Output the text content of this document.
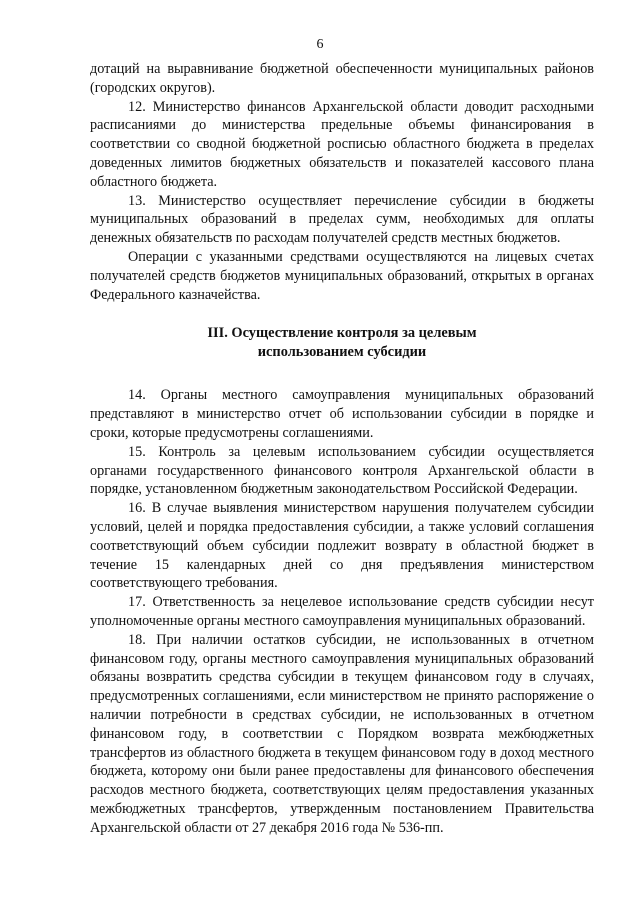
6

дотаций на выравнивание бюджетной обеспеченности муниципальных районов (городских округов).

12. Министерство финансов Архангельской области доводит расходными расписаниями до министерства предельные объемы финансирования в соответствии со сводной бюджетной росписью областного бюджета в пределах доведенных лимитов бюджетных обязательств и показателей кассового плана областного бюджета.

13. Министерство осуществляет перечисление субсидии в бюджеты муниципальных образований в пределах сумм, необходимых для оплаты денежных обязательств по расходам получателей средств местных бюджетов.

Операции с указанными средствами осуществляются на лицевых счетах получателей средств бюджетов муниципальных образований, открытых в органах Федерального казначейства.

III. Осуществление контроля за целевым
использованием субсидии

14. Органы местного самоуправления муниципальных образований представляют в министерство отчет об использовании субсидии в порядке и сроки, которые предусмотрены соглашениями.

15. Контроль за целевым использованием субсидии осуществляется органами государственного финансового контроля Архангельской области в порядке, установленном бюджетным законодательством Российской Федерации.

16. В случае выявления министерством нарушения получателем субсидии условий, целей и порядка предоставления субсидии, а также условий соглашения соответствующий объем субсидии подлежит возврату в областной бюджет в течение 15 календарных дней со дня предъявления министерством соответствующего требования.

17. Ответственность за нецелевое использование средств субсидии несут уполномоченные органы местного самоуправления муниципальных образований.

18. При наличии остатков субсидии, не использованных в отчетном финансовом году, органы местного самоуправления муниципальных образований обязаны возвратить средства субсидии в текущем финансовом году в случаях, предусмотренных соглашениями, если министерством не принято распоряжение о наличии потребности в средствах субсидии, не использованных в отчетном финансовом году, в соответствии с Порядком возврата межбюджетных трансфертов из областного бюджета в текущем финансовом году в доход местного бюджета, которому они были ранее предоставлены для финансового обеспечения расходов местного бюджета, соответствующих целям предоставления указанных межбюджетных трансфертов, утвержденным постановлением Правительства Архангельской области от 27 декабря 2016 года № 536-пп.
